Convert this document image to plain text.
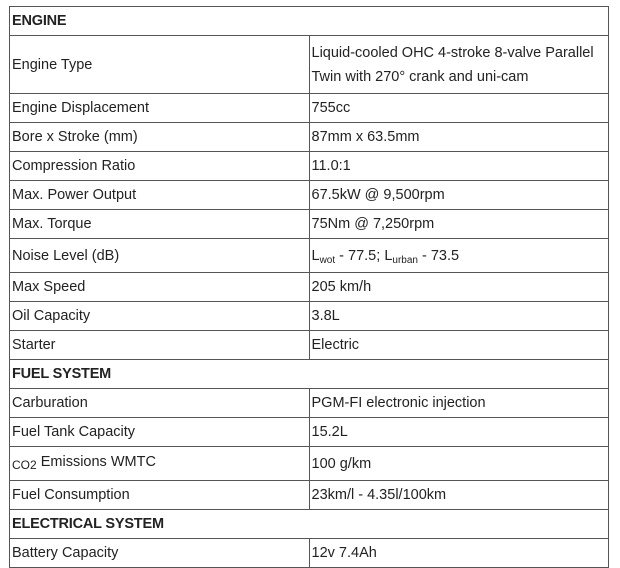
ENGINE	
Engine Type	Liquid-cooled OHC 4-stroke 8-valve Parallel Twin with 270° crank and uni-cam
Engine Displacement	755cc
Bore x Stroke (mm)	87mm x 63.5mm
Compression Ratio	11.0:1
Max. Power Output	67.5kW @ 9,500rpm
Max. Torque	75Nm @ 7,250rpm
Noise Level (dB)	$L_{wot} - 77.5$; $L_{urban} - 73.5$
Max Speed	205 km/h
Oil Capacity	3.8L
Starter	Electric
FUEL SYSTEM	
Carburation	PGM-FI electronic injection
Fuel Tank Capacity	15.2L
$_{CO2}$ Emissions WMTC	100 g/km
Fuel Consumption	23km/l - 4.35l/100km
ELECTRICAL SYSTEM	
Battery Capacity	12v 7.4Ah
